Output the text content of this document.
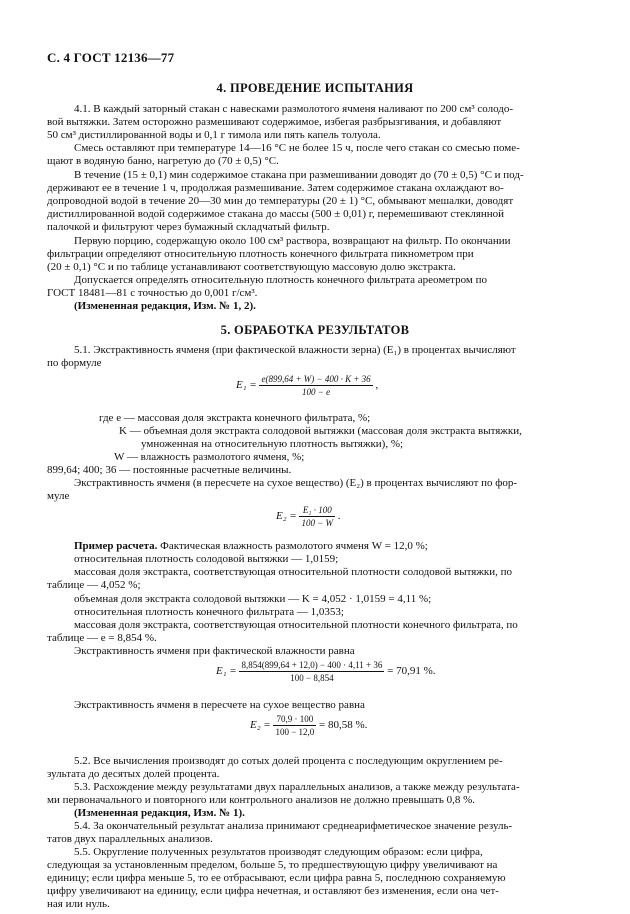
С. 4 ГОСТ 12136—77
4. ПРОВЕДЕНИЕ ИСПЫТАНИЯ
4.1. В каждый заторный стакан с навесками размолотого ячменя наливают по 200 см³ солодо-
вой вытяжки. Затем осторожно размешивают содержимое, избегая разбрызгивания, и добавляют
50 см³ дистиллированной воды и 0,1 г тимола или пять капель толуола.
Смесь оставляют при температуре 14—16 °С не более 15 ч, после чего стакан со смесью поме-
щают в водяную баню, нагретую до (70 ± 0,5) °С.
В течение (15 ± 0,1) мин содержимое стакана при размешивании доводят до (70 ± 0,5) °С и под-
держивают ее в течение 1 ч, продолжая размешивание. Затем содержимое стакана охлаждают во-
допроводной водой в течение 20—30 мин до температуры (20 ± 1) °С, обмывают мешалки, доводят
дистиллированной водой содержимое стакана до массы (500 ± 0,01) г, перемешивают стеклянной
палочкой и фильтруют через бумажный складчатый фильтр.
Первую порцию, содержащую около 100 см³ раствора, возвращают на фильтр. По окончании
фильтрации определяют относительную плотность конечного фильтрата пикнометром при
(20 ± 0,1) °С и по таблице устанавливают соответствующую массовую долю экстракта.
Допускается определять относительную плотность конечного фильтрата ареометром по
ГОСТ 18481—81 с точностью до 0,001 г/см³.
(Измененная редакция, Изм. № 1, 2).
5. ОБРАБОТКА РЕЗУЛЬТАТОВ
5.1. Экстрактивность ячменя (при фактической влажности зерна) (E₁) в процентах вычисляют
по формуле
$E_1 = \frac{e(899,64 + W) - 400 \cdot K + 36}{100 - e}$ ,
где e — массовая доля экстракта конечного фильтрата, %;
K — объемная доля экстракта солодовой вытяжки (массовая доля экстракта вытяжки,
умноженная на относительную плотность вытяжки), %;
W — влажность размолотого ячменя, %;
899,64; 400; 36 — постоянные расчетные величины.
Экстрактивность ячменя (в пересчете на сухое вещество) (E₂) в процентах вычисляют по фор-
муле
$E_2 = \frac{\text{E₁ · 100}}{100 - W}$ .
Пример расчета. Фактическая влажность размолотого ячменя W = 12,0 %;
относительная плотность солодовой вытяжки — 1,0159;
массовая доля экстракта, соответствующая относительной плотности солодовой вытяжки, по
таблице — 4,052 %;
объемная доля экстракта солодовой вытяжки — K = 4,052 · 1,0159 = 4,11 %;
относительная плотность конечного фильтрата — 1,0353;
массовая доля экстракта, соответствующая относительной плотности конечного фильтрата, по
таблице — e = 8,854 %.
Экстрактивность ячменя при фактической влажности равна
$E_1 = \frac{8,854(899,64 + 12,0) - 400 \cdot 4,11 + 36}{100 - 8,854} = 70,91$ %.
Экстрактивность ячменя в пересчете на сухое вещество равна
$E_2 = \frac{70,9 \cdot 100}{100 - 12,0} = 80,58$ %.
5.2. Все вычисления производят до сотых долей процента с последующим округлением ре-
зультата до десятых долей процента.
5.3. Расхождение между результатами двух параллельных анализов, а также между результата-
ми первоначального и повторного или контрольного анализов не должно превышать 0,8 %.
(Измененная редакция, Изм. № 1).
5.4. За окончательный результат анализа принимают среднеарифметическое значение резуль-
татов двух параллельных анализов.
5.5. Округление полученных результатов производят следующим образом: если цифра,
следующая за установленным пределом, больше 5, то предшествующую цифру увеличивают на
единицу; если цифра меньше 5, то ее отбрасывают, если цифра равна 5, последнюю сохраняемую
цифру увеличивают на единицу, если цифра нечетная, и оставляют без изменения, если она чет-
ная или нуль.
